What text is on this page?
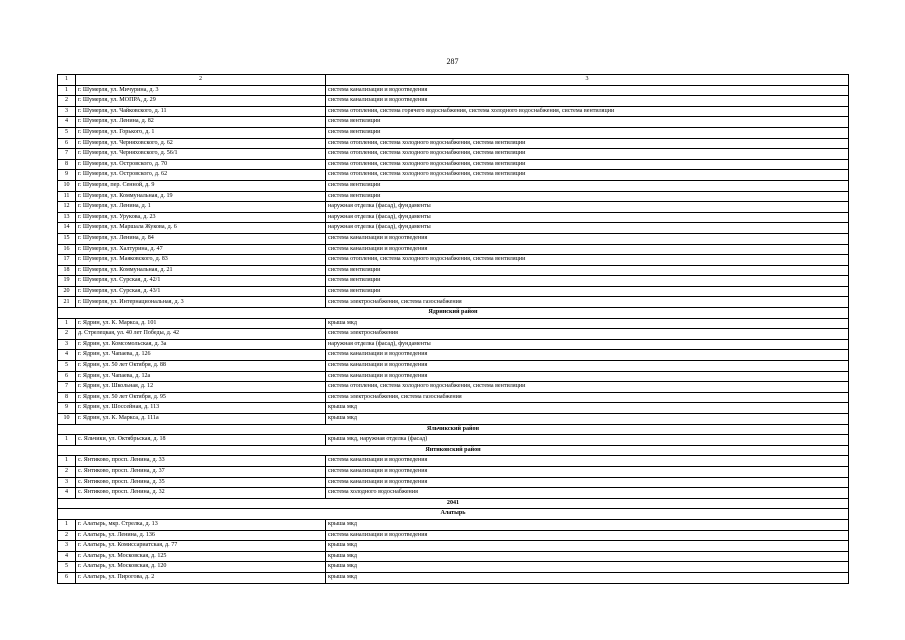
287
1	2	3
1	г. Шумерля, ул. Мичурина, д. 3	система канализации и водоотведения
2	г. Шумерля, ул. МОПРА, д. 29	система канализации и водоотведения
3	г. Шумерля, ул. Чайковского, д. 11	система отопления, система горячего водоснабжения, система холодного водоснабжения, система вентиляции
4	г. Шумерля, ул. Ленина, д. 82	система вентиляции
5	г. Шумерля, ул. Горького, д. 1	система вентиляции
6	г. Шумерля, ул. Черняховского, д. 62	система отопления, система холодного водоснабжения, система вентиляции
7	г. Шумерля, ул. Черняховского, д. 56/1	система отопления, система холодного водоснабжения, система вентиляции
8	г. Шумерля, ул. Островского, д. 70	система отопления, система холодного водоснабжения, система вентиляции
9	г. Шумерля, ул. Островского, д. 62	система отопления, система холодного водоснабжения, система вентиляции
10	г. Шумерля, пер. Сенной, д. 9	система вентиляции
11	г. Шумерля, ул. Коммунальная, д. 19	система вентиляции
12	г. Шумерля, ул. Ленина, д. 1	наружная отделка (фасад), фундаменты
13	г. Шумерля, ул. Урукова, д. 23	наружная отделка (фасад), фундаменты
14	г. Шумерля, ул. Маршала Жукова, д. 6	наружная отделка (фасад), фундаменты
15	г. Шумерля, ул. Ленина, д. 84	система канализации и водоотведения
16	г. Шумерля, ул. Халтурина, д. 47	система канализации и водоотведения
17	г. Шумерля, ул. Маяковского, д. 83	система отопления, система холодного водоснабжения, система вентиляции
18	г. Шумерля, ул. Коммунальная, д. 21	система вентиляции
19	г. Шумерля, ул. Сурская, д. 42/1	система вентиляции
20	г. Шумерля, ул. Сурская, д. 43/1	система вентиляции
21	г. Шумерля, ул. Интернациональная, д. 3	система электроснабжения, система газоснабжения
Ядринский район		
1	г. Ядрин, ул. К. Маркса, д. 101	крыша мкд
2	д. Стрелецкая, ул. 40 лет Победы, д. 42	система электроснабжения
3	г. Ядрин, ул. Комсомольская, д. 3а	наружная отделка (фасад), фундаменты
4	г. Ядрин, ул. Чапаева, д. 126	система канализации и водоотведения
5	г. Ядрин, ул. 50 лет Октября, д. 88	система канализации и водоотведения
6	г. Ядрин, ул. Чапаева, д. 12а	система канализации и водоотведения
7	г. Ядрин, ул. Школьная, д. 12	система отопления, система холодного водоснабжения, система вентиляции
8	г. Ядрин, ул. 50 лет Октября, д. 95	система электроснабжения, система газоснабжения
9	г. Ядрин, ул. Шоссейная, д. 113	крыша мкд
10	г. Ядрин, ул. К. Маркса, д. 111а	крыша мкд
Яльчикский район		
1	с. Яльчики, ул. Октябрьская, д. 18	крыша мкд, наружная отделка (фасад)
Янтиковский район		
1	с. Янтиково, просп. Ленина, д. 33	система канализации и водоотведения
2	с. Янтиково, просп. Ленина, д. 37	система канализации и водоотведения
3	с. Янтиково, просп. Ленина, д. 35	система канализации и водоотведения
4	с. Янтиково, просп. Ленина, д. 32	система холодного водоснабжения
2041		
Алатырь		
1	г. Алатырь, мкр. Стрелка, д. 13	крыша мкд
2	г. Алатырь, ул. Ленина, д. 136	система канализации и водоотведения
3	г. Алатырь, ул. Комиссариатская, д. 77	крыша мкд
4	г. Алатырь, ул. Московская, д. 125	крыша мкд
5	г. Алатырь, ул. Московская, д. 120	крыша мкд
6	г. Алатырь, ул. Пирогова, д. 2	крыша мкд
